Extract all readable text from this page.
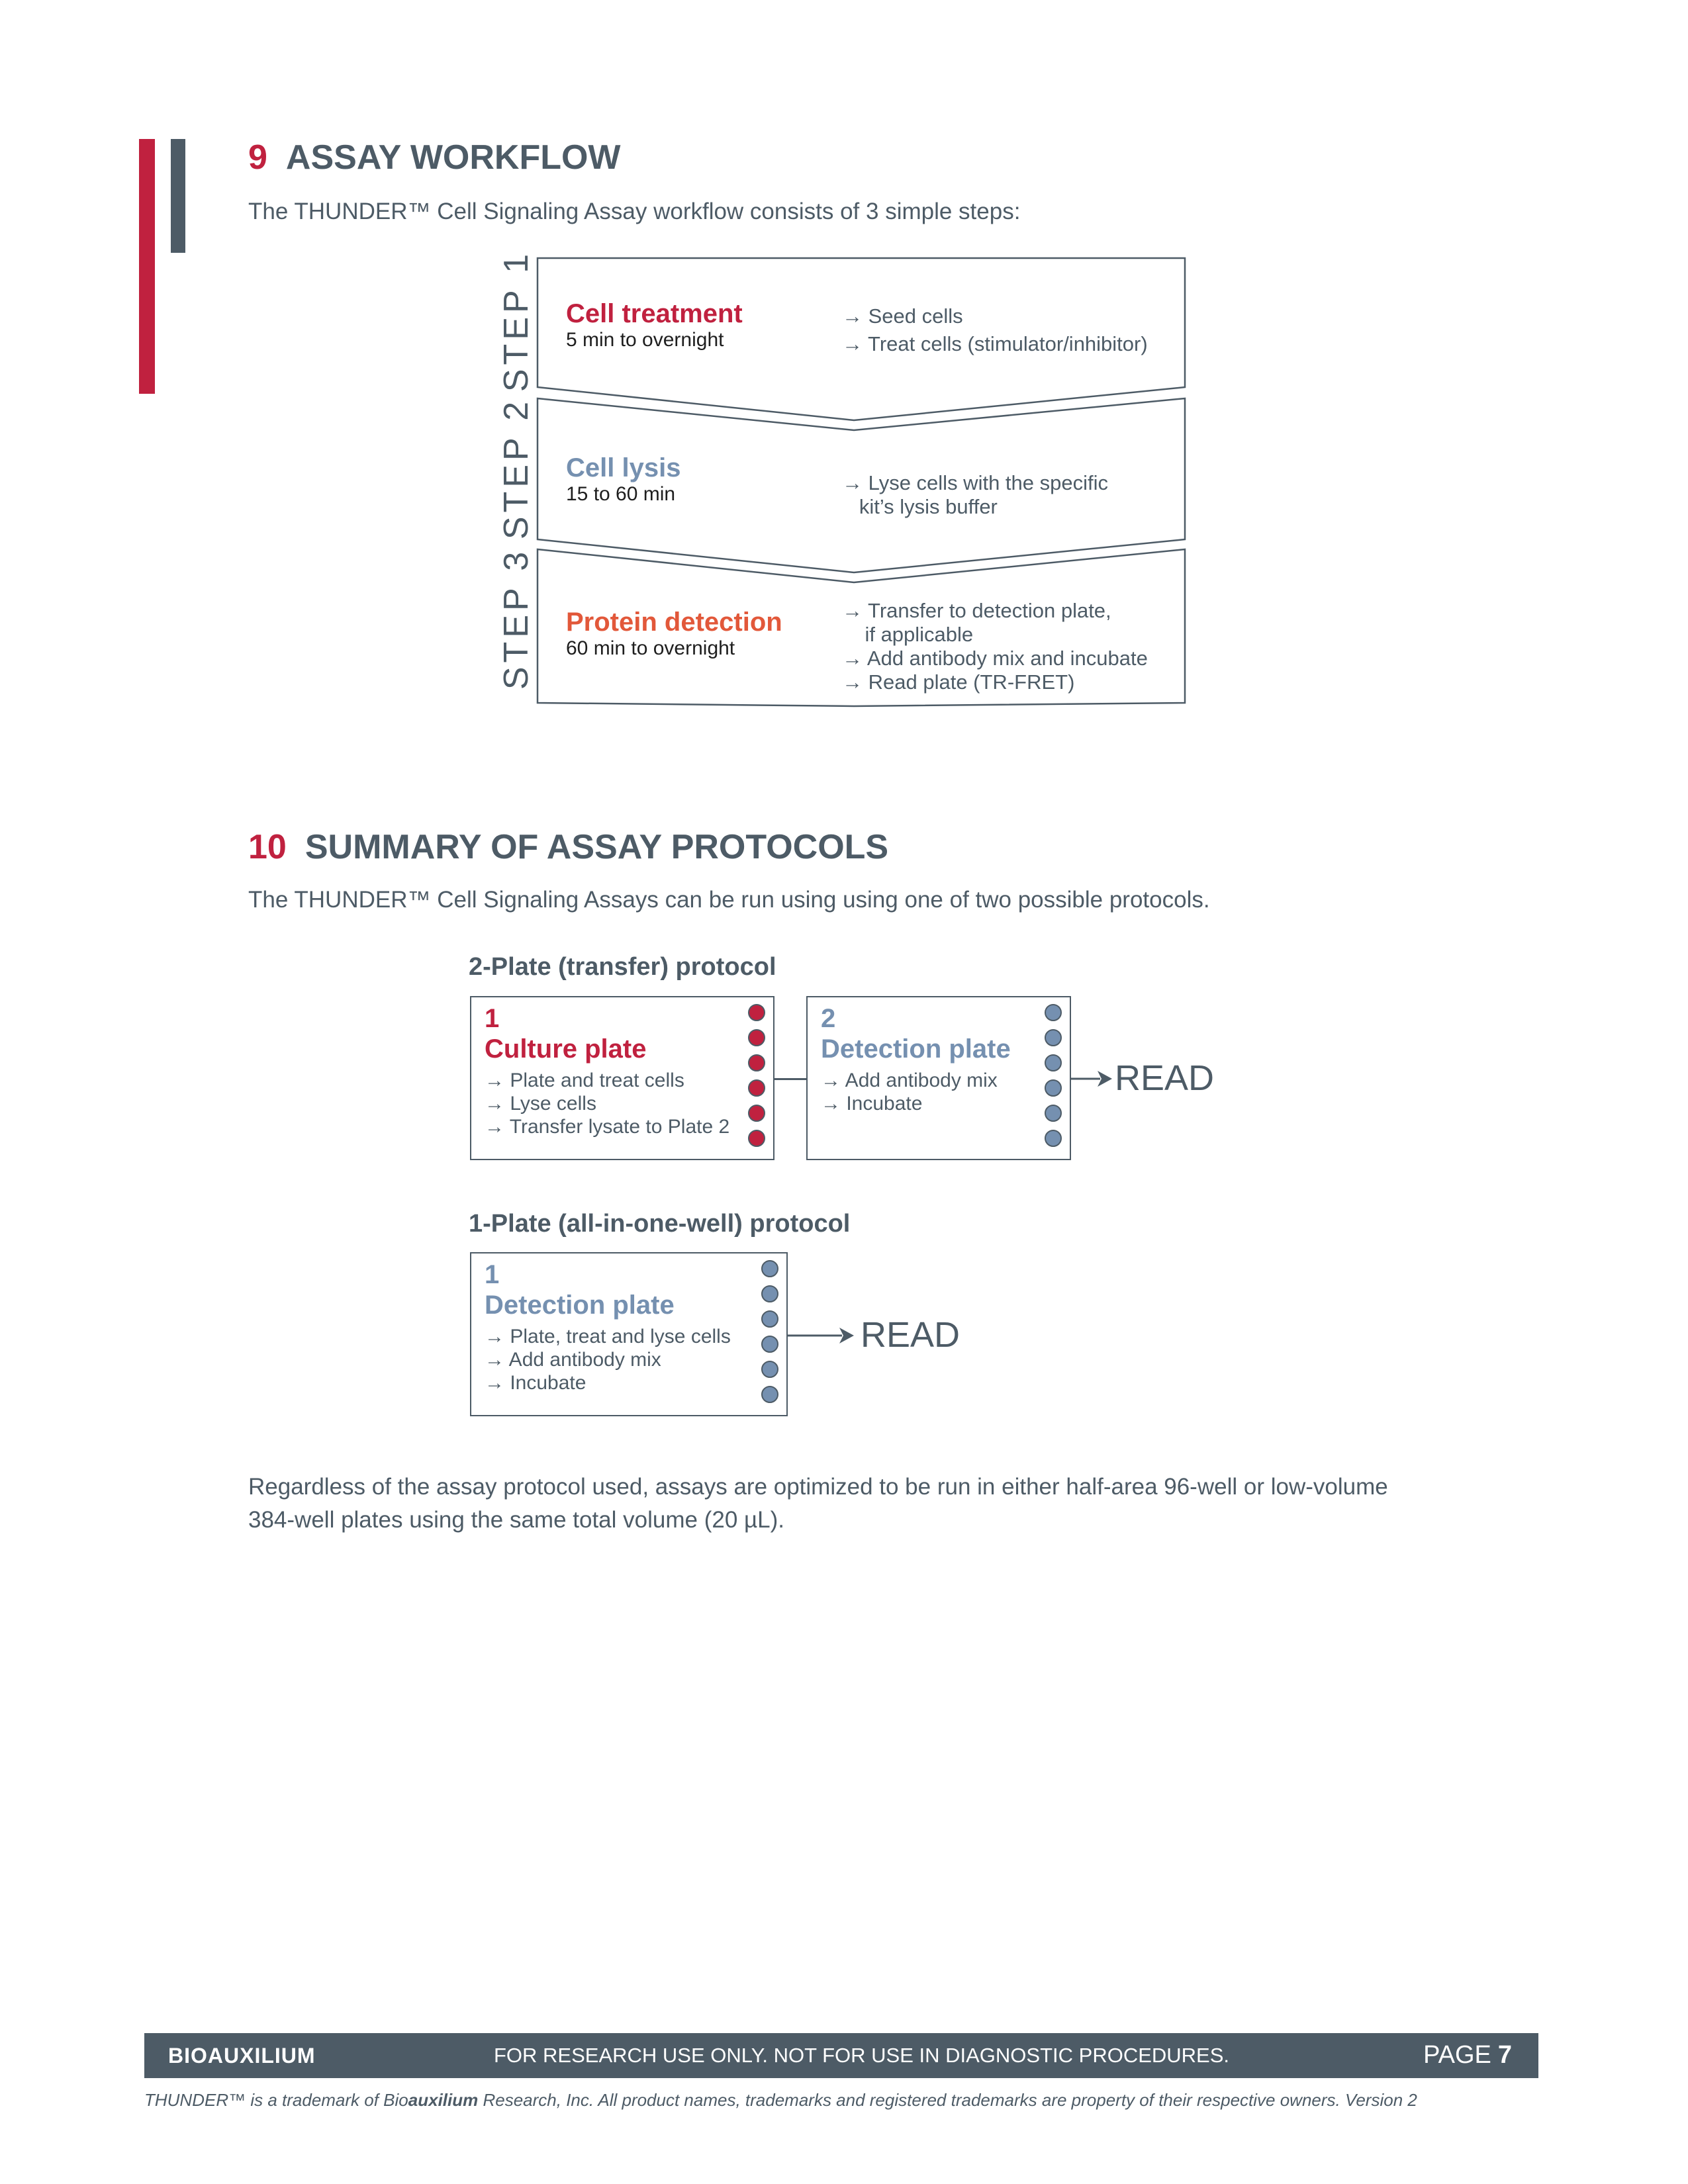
9 ASSAY WORKFLOW
The THUNDER™ Cell Signaling Assay workflow consists of 3 simple steps:
STEP 1
STEP 2
STEP 3
Cell treatment
5 min to overnight
→ Seed cells
→ Treat cells (stimulator/inhibitor)
Cell lysis
15 to 60 min	→ Lyse cells with the specific
kit’s lysis buffer
Protein detection
60 min to overnight
→ Transfer to detection plate,
if applicable
→ Add antibody mix and incubate
→ Read plate (TR-FRET)
10 SUMMARY OF ASSAY PROTOCOLS
The THUNDER™ Cell Signaling Assays can be run using using one of two possible protocols.
2-Plate (transfer) protocol
1
Culture plate
→ Plate and treat cells
→ Lyse cells
→ Transfer lysate to Plate 2
2
Detection plate
→ Add antibody mix
→ Incubate
READ
1-Plate (all-in-one-well) protocol
1
Detection plate
→ Plate, treat and lyse cells
→ Add antibody mix
→ Incubate
READ
Regardless of the assay protocol used, assays are optimized to be run in either half-area 96-well or low-volume
384-well plates using the same total volume (20 µL).
BIOAUXILIUM	FOR RESEARCH USE ONLY. NOT FOR USE IN DIAGNOSTIC PROCEDURES.	PAGE 7
THUNDER™ is a trademark of Bioauxilium Research, Inc. All product names, trademarks and registered trademarks are property of their respective owners. Version 2
